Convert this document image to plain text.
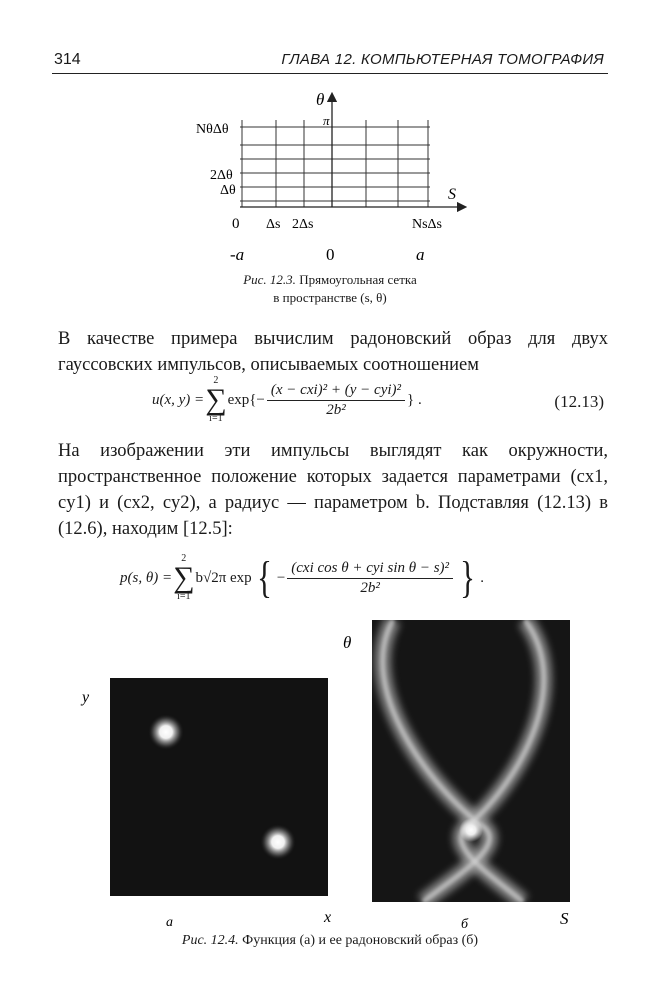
314	ГЛАВА 12. КОМПЬЮТЕРНАЯ ТОМОГРАФИЯ
θ
S
π
NθΔθ
2Δθ
Δθ
0 Δs 2Δs	NsΔs
-a	0	a
Рис. 12.3. Прямоугольная сетка
в пространстве (s, θ)
В качестве примера вычислим радоновский образ для двух гауссовских импульсов, описываемых соотношением
u(x, y) =
2
∑
i=1
$\exp\{- \frac{\text{(x − cxi)² + (y − cyi)²}}{\text{2b²}}$ } .	(12.13)
На изображении эти импульсы выглядят как окружности, пространственное положение которых задается параметрами (cx1, cy1) и (cx2, cy2), а радиус — параметром b. Подставляя (12.13) в (12.6), находим [12.5]:
p(s, θ) =
2
∑
i=1
b√2π exp { − $\frac{\text{(cxi cos θ + cyi sin θ − s)²}}{\text{2b²}}$ } .
y
x
а
θ
S
б
Рис. 12.4. Функция (а) и ее радоновский образ (б)
